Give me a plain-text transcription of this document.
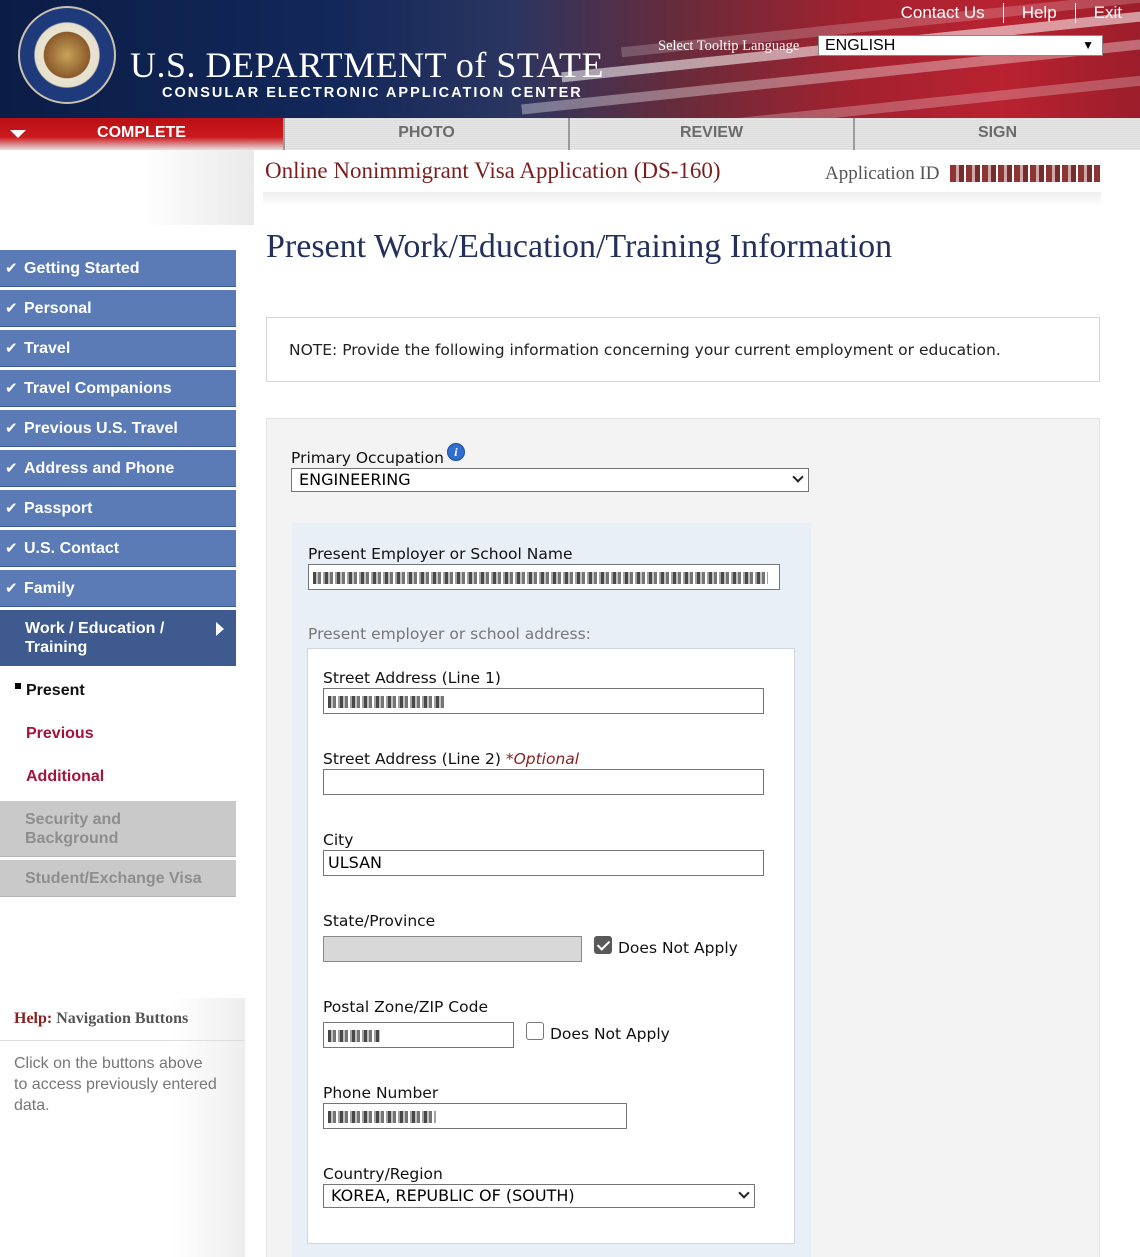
Contact Us	Help	Exit
U.S. DEPARTMENT of STATE
CONSULAR ELECTRONIC APPLICATION CENTER
Select Tooltip Language	ENGLISH	▼
COMPLETE	PHOTO	REVIEW	SIGN
Online Nonimmigrant Visa Application (DS-160)	Application ID
✔ Getting Started
✔ Personal
✔ Travel
✔ Travel Companions
✔ Previous U.S. Travel
✔ Address and Phone
✔ Passport
✔ U.S. Contact
✔ Family
Work / Education /
Training
Present
Previous
Additional
Security and
Background
Student/Exchange Visa
Help: Navigation Buttons
Click on the buttons above to access previously entered data.
Present Work/Education/Training Information
NOTE: Provide the following information concerning your current employment or education.
Primary Occupation i
ENGINEERING
Present Employer or School Name
Present employer or school address:
Street Address (Line 1)
Street Address (Line 2) *Optional
City
ULSAN
State/Province
Does Not Apply
Postal Zone/ZIP Code
Does Not Apply
Phone Number
Country/Region
KOREA, REPUBLIC OF (SOUTH)
